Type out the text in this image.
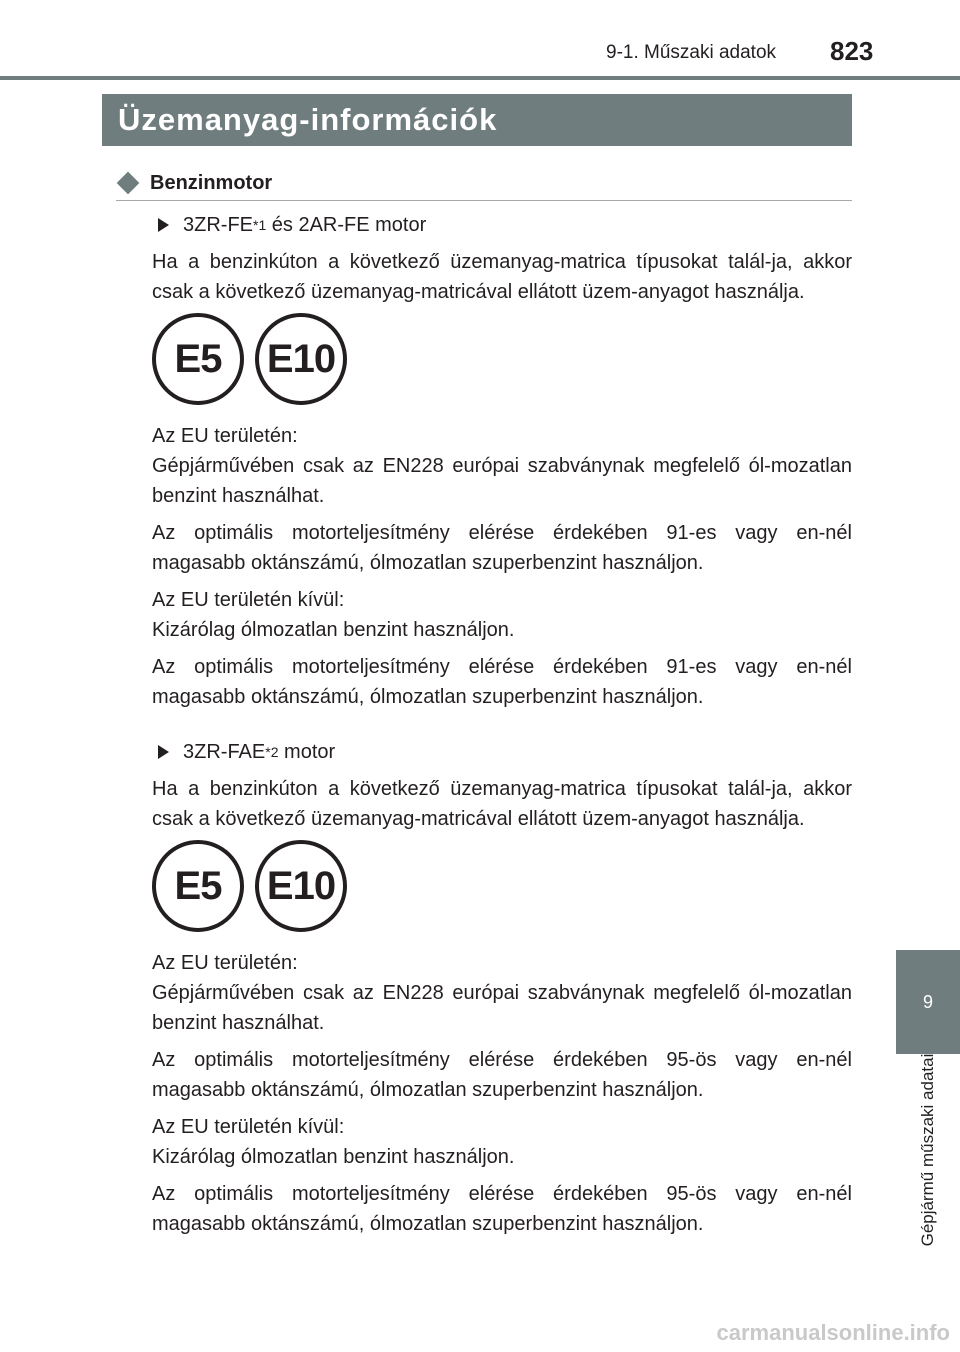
9-1. Műszaki adatok 823
Üzemanyag-információk
Benzinmotor
3ZR-FE *1 és 2AR-FE motor

Ha a benzinkúton a következő üzemanyag-matrica típusokat talál-ja, akkor csak a következő üzemanyag-matricával ellátott üzem-anyagot használja.

E5	E10

Az EU területén:

Gépjárművében csak az EN228 európai szabványnak megfelelő ól-mozatlan benzint használhat.

Az optimális motorteljesítmény elérése érdekében 91-es vagy en-nél magasabb oktánszámú, ólmozatlan szuperbenzint használjon.

Az EU területén kívül:

Kizárólag ólmozatlan benzint használjon.

Az optimális motorteljesítmény elérése érdekében 91-es vagy en-nél magasabb oktánszámú, ólmozatlan szuperbenzint használjon.

3ZR-FAE *2 motor

Ha a benzinkúton a következő üzemanyag-matrica típusokat talál-ja, akkor csak a következő üzemanyag-matricával ellátott üzem-anyagot használja.

E5	E10

Az EU területén:

Gépjárművében csak az EN228 európai szabványnak megfelelő ól-mozatlan benzint használhat.

Az optimális motorteljesítmény elérése érdekében 95-ös vagy en-nél magasabb oktánszámú, ólmozatlan szuperbenzint használjon.

Az EU területén kívül:

Kizárólag ólmozatlan benzint használjon.

Az optimális motorteljesítmény elérése érdekében 95-ös vagy en-nél magasabb oktánszámú, ólmozatlan szuperbenzint használjon.

9
Gépjármű műszaki adatai
carmanualsonline.info
